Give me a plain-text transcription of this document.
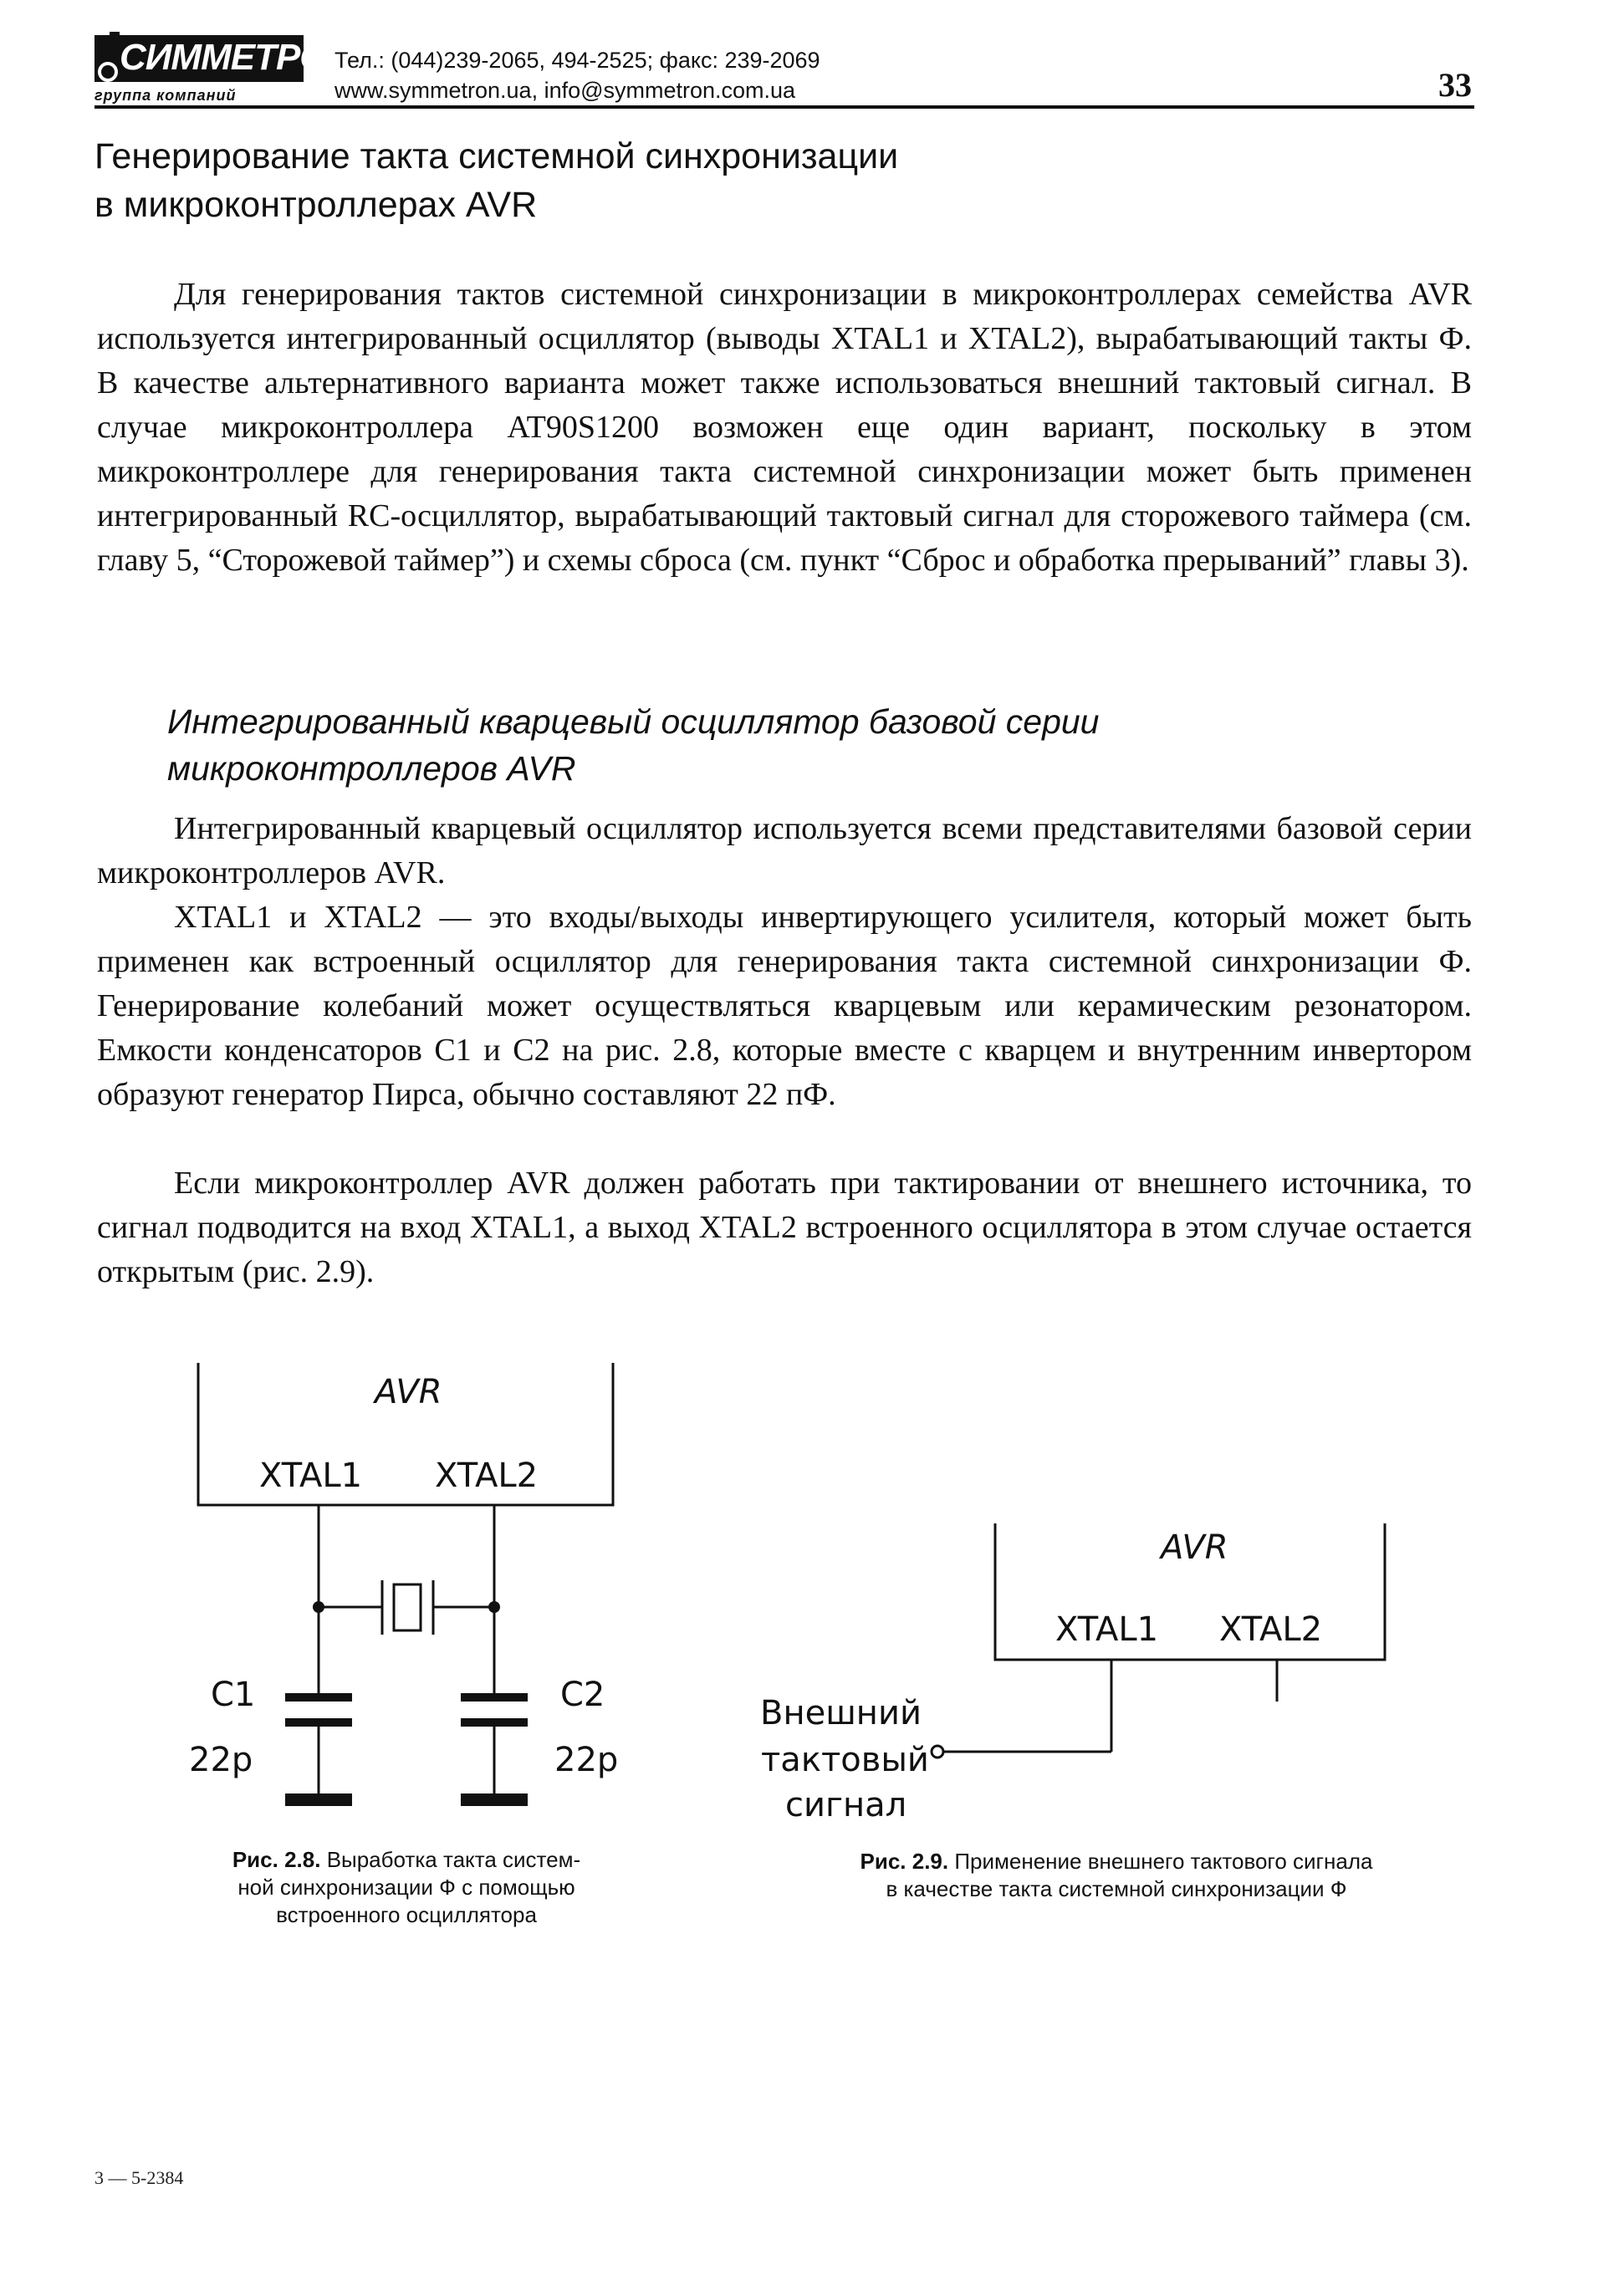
СИММЕТРОН
группа компаний
Тел.: (044)239-2065, 494-2525; факс: 239-2069
www.symmetron.ua, info@symmetron.com.ua	33
Генерирование такта системной синхронизации
в микроконтроллерах AVR
Для генерирования тактов системной синхронизации в микроконтроллерах семейства AVR используется интегрированный осциллятор (выводы XTAL1 и XTAL2), вырабатывающий такты Ф. В качестве альтернативного варианта может также использоваться внешний тактовый сигнал. В случае микроконтроллера AT90S1200 возможен еще один вариант, поскольку в этом микроконтроллере для генерирования такта системной синхронизации может быть применен интегрированный RC-осциллятор, вырабатывающий тактовый сигнал для сторожевого таймера (см. главу 5, “Сторожевой таймер”) и схемы сброса (см. пункт “Сброс и обработка прерываний” главы 3).
Интегрированный кварцевый осциллятор базовой серии
микроконтроллеров AVR
Интегрированный кварцевый осциллятор используется всеми представителями базовой серии микроконтроллеров AVR.
XTAL1 и XTAL2 — это входы/выходы инвертирующего усилителя, который может быть применен как встроенный осциллятор для генерирования такта системной синхронизации Ф. Генерирование колебаний может осуществляться кварцевым или керамическим резонатором. Емкости конденсаторов C1 и C2 на рис. 2.8, которые вместе с кварцем и внутренним инвертором образуют генератор Пирса, обычно составляют 22 пФ.
Если микроконтроллер AVR должен работать при тактировании от внешнего источника, то сигнал подводится на вход XTAL1, а выход XTAL2 встроенного осциллятора в этом случае остается открытым (рис. 2.9).
AVR
XTAL1 XTAL2
C1
22p
C2
22p
Рис. 2.8. Выработка такта систем-
ной синхронизации Ф с помощью
встроенного осциллятора
AVR
XTAL1 XTAL2
Внешний
тактовый
сигнал
Рис. 2.9. Применение внешнего тактового сигнала
в качестве такта системной синхронизации Ф
3 — 5-2384
